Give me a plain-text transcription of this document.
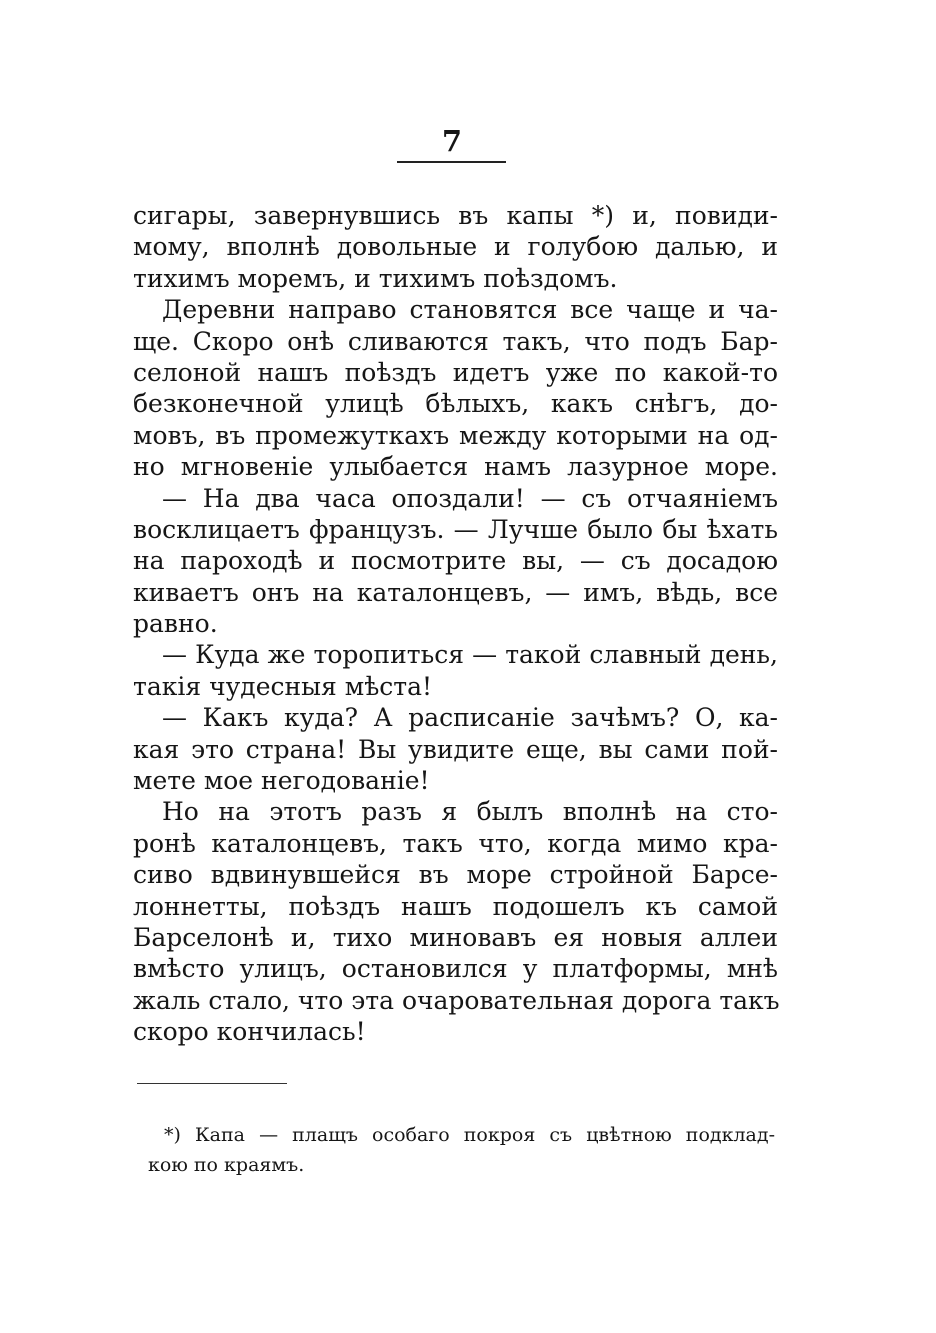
7
сигары, завернувшись въ капы *) и, повиди-
мому, вполнѣ довольные и голубою далью, и
тихимъ моремъ, и тихимъ поѣздомъ.
Деревни направо становятся все чаще и ча-
ще. Скоро онѣ сливаются такъ, что подъ Бар-
селоной нашъ поѣздъ идетъ уже по какой-то
безконечной улицѣ бѣлыхъ, какъ снѣгъ, до-
мовъ, въ промежуткахъ между которыми на од-
но мгновеніе улыбается намъ лазурное море.
— На два часа опоздали! — съ отчаяніемъ
восклицаетъ французъ. — Лучше было бы ѣхать
на пароходѣ и посмотрите вы, — съ досадою
киваетъ онъ на каталонцевъ, — имъ, вѣдь, все
равно.
— Куда же торопиться — такой славный день,
такія чудесныя мѣста!
— Какъ куда? А расписаніе зачѣмъ? О, ка-
кая это страна! Вы увидите еще, вы сами пой-
мете мое негодованіе!
Но на этотъ разъ я былъ вполнѣ на сто-
ронѣ каталонцевъ, такъ что, когда мимо кра-
сиво вдвинувшейся въ море стройной Барсе-
лоннетты, поѣздъ нашъ подошелъ къ самой
Барселонѣ и, тихо миновавъ ея новыя аллеи
вмѣсто улицъ, остановился у платформы, мнѣ
жаль стало, что эта очаровательная дорога такъ
скоро кончилась!
*) Капа — плащъ особаго покроя съ цвѣтною подклад-
кою по краямъ.
